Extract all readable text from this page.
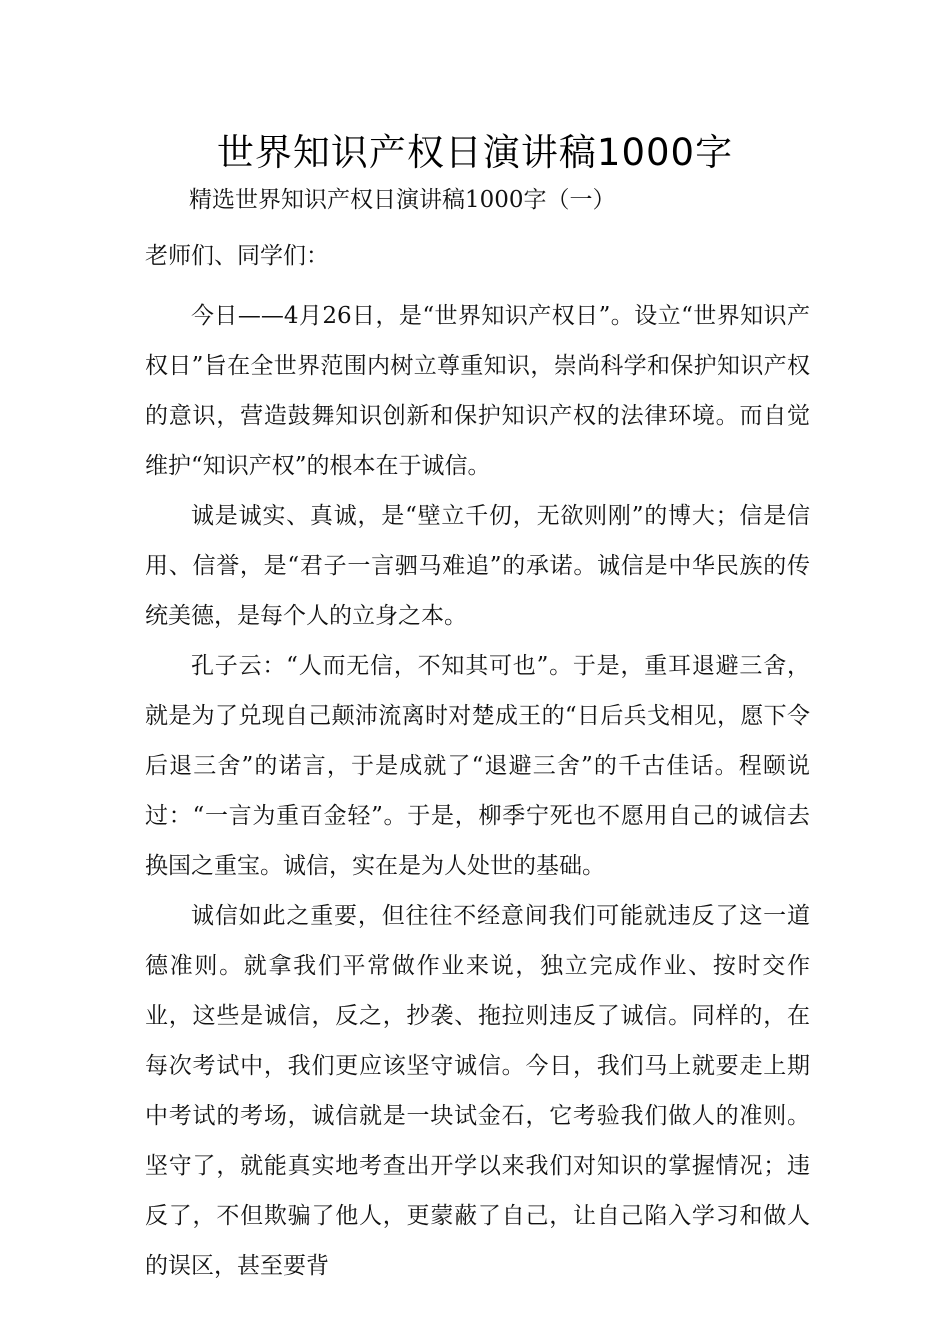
世界知识产权日演讲稿1000字

精选世界知识产权日演讲稿1000字（一）

老师们、同学们：

今日——4月26日，是“世界知识产权日”。设立“世界知识产权日”旨在全世界范围内树立尊重知识，崇尚科学和保护知识产权的意识，营造鼓舞知识创新和保护知识产权的法律环境。而自觉维护“知识产权”的根本在于诚信。

诚是诚实、真诚，是“壁立千仞，无欲则刚”的博大；信是信用、信誉，是“君子一言驷马难追”的承诺。诚信是中华民族的传统美德，是每个人的立身之本。

孔子云：“人而无信，不知其可也”。于是，重耳退避三舍，就是为了兑现自己颠沛流离时对楚成王的“日后兵戈相见，愿下令后退三舍”的诺言，于是成就了“退避三舍”的千古佳话。程颐说过：“一言为重百金轻”。于是，柳季宁死也不愿用自己的诚信去换国之重宝。诚信，实在是为人处世的基础。

诚信如此之重要，但往往不经意间我们可能就违反了这一道德准则。就拿我们平常做作业来说，独立完成作业、按时交作业，这些是诚信，反之，抄袭、拖拉则违反了诚信。同样的，在每次考试中，我们更应该坚守诚信。今日，我们马上就要走上期中考试的考场，诚信就是一块试金石，它考验我们做人的准则。坚守了，就能真实地考查出开学以来我们对知识的掌握情况；违反了，不但欺骗了他人，更蒙蔽了自己，让自己陷入学习和做人的误区，甚至要背
